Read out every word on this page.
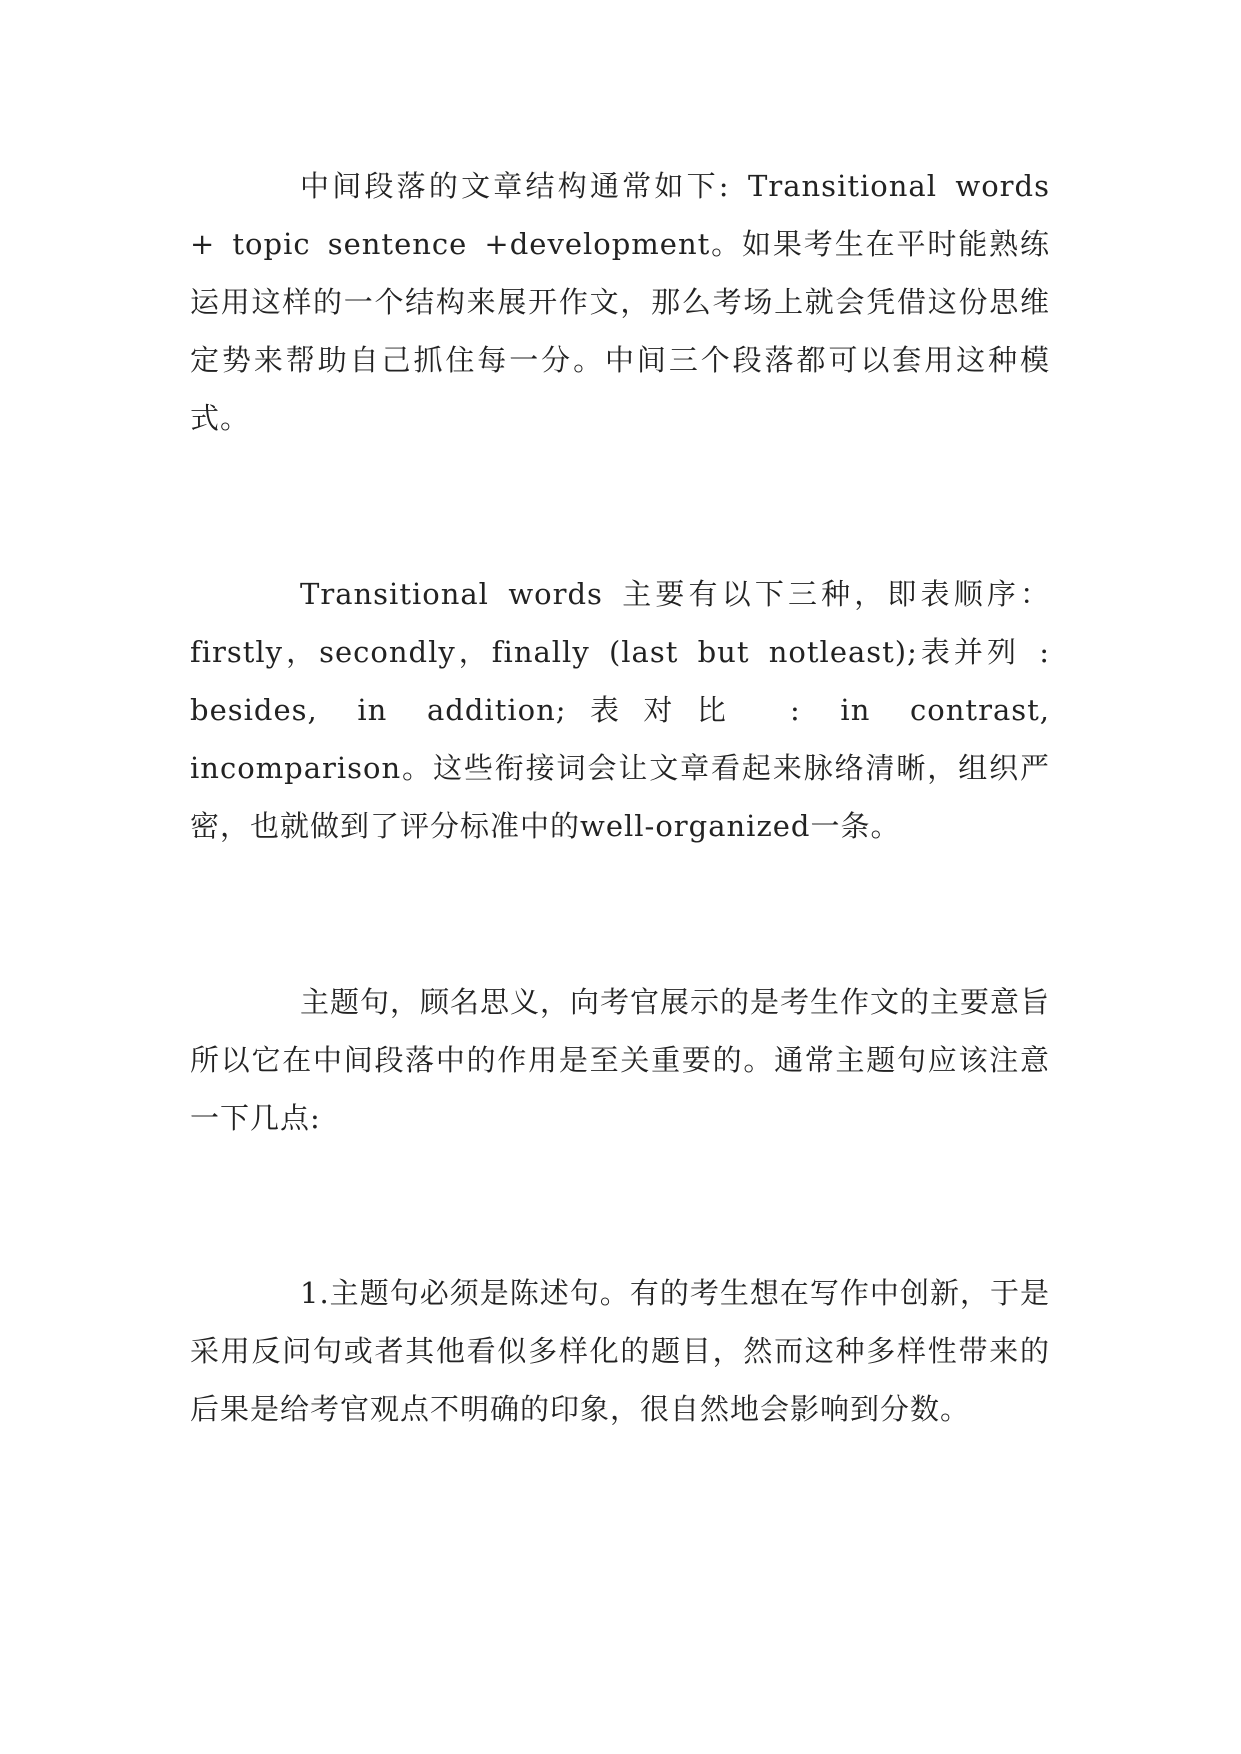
中间段落的文章结构通常如下: Transitional words + topic sentence +development。如果考生在平时能熟练运用这样的一个结构来展开作文，那么考场上就会凭借这份思维定势来帮助自己抓住每一分。中间三个段落都可以套用这种模式。

Transitional words 主要有以下三种，即表顺序：firstly，secondly，finally (last but notleast);表并列 : besides, in addition;表对比 : in contrast, incomparison。这些衔接词会让文章看起来脉络清晰，组织严密，也就做到了评分标准中的well-organized一条。

主题句，顾名思义，向考官展示的是考生作文的主要意旨所以它在中间段落中的作用是至关重要的。通常主题句应该注意一下几点:

1.主题句必须是陈述句。有的考生想在写作中创新，于是采用反问句或者其他看似多样化的题目，然而这种多样性带来的后果是给考官观点不明确的印象，很自然地会影响到分数。
